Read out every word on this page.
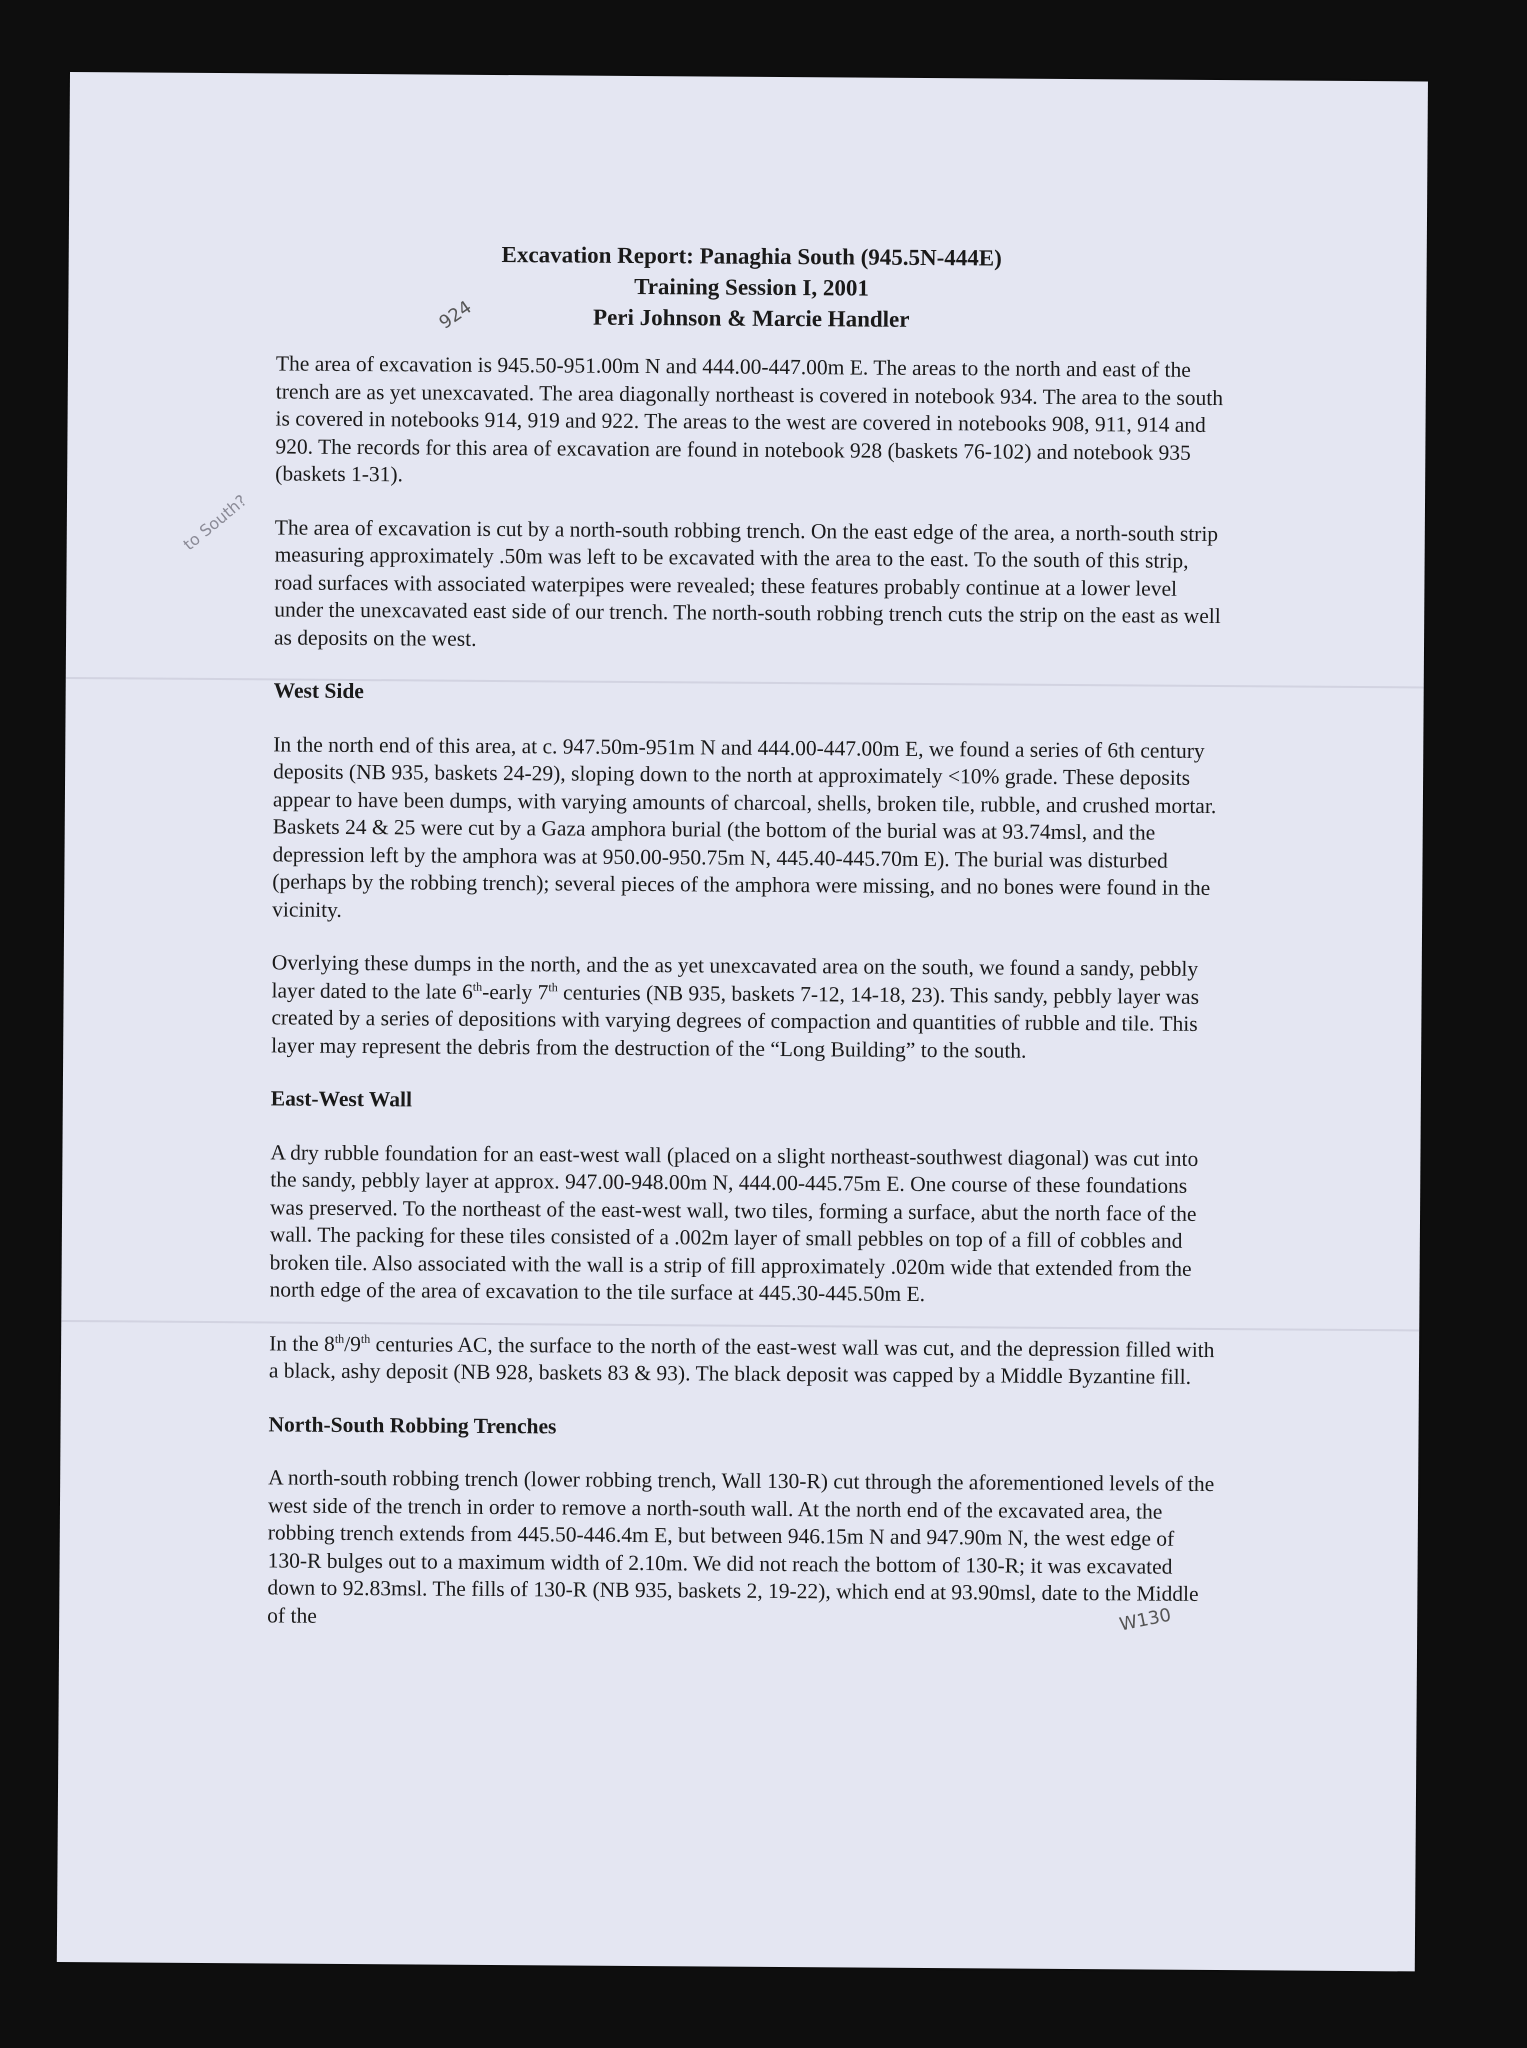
Excavation Report: Panaghia South (945.5N-444E)
Training Session I, 2001
Peri Johnson & Marcie Handler

The area of excavation is 945.50-951.00m N and 444.00-447.00m E. The areas to the north and east of the trench are as yet unexcavated. The area diagonally northeast is covered in notebook 934. The area to the south is covered in notebooks 914, 919 and 922. The areas to the west are covered in notebooks 908, 911, 914 and 920. The records for this area of excavation are found in notebook 928 (baskets 76-102) and notebook 935 (baskets 1-31).

The area of excavation is cut by a north-south robbing trench. On the east edge of the area, a north-south strip measuring approximately .50m was left to be excavated with the area to the east. To the south of this strip, road surfaces with associated waterpipes were revealed; these features probably continue at a lower level under the unexcavated east side of our trench. The north-south robbing trench cuts the strip on the east as well as deposits on the west.

West Side

In the north end of this area, at c. 947.50m-951m N and 444.00-447.00m E, we found a series of 6th century deposits (NB 935, baskets 24-29), sloping down to the north at approximately <10% grade. These deposits appear to have been dumps, with varying amounts of charcoal, shells, broken tile, rubble, and crushed mortar. Baskets 24 & 25 were cut by a Gaza amphora burial (the bottom of the burial was at 93.74msl, and the depression left by the amphora was at 950.00-950.75m N, 445.40-445.70m E). The burial was disturbed (perhaps by the robbing trench); several pieces of the amphora were missing, and no bones were found in the vicinity.

Overlying these dumps in the north, and the as yet unexcavated area on the south, we found a sandy, pebbly layer dated to the late 6th-early 7th centuries (NB 935, baskets 7-12, 14-18, 23). This sandy, pebbly layer was created by a series of depositions with varying degrees of compaction and quantities of rubble and tile. This layer may represent the debris from the destruction of the “Long Building” to the south.

East-West Wall

A dry rubble foundation for an east-west wall (placed on a slight northeast-southwest diagonal) was cut into the sandy, pebbly layer at approx. 947.00-948.00m N, 444.00-445.75m E. One course of these foundations was preserved. To the northeast of the east-west wall, two tiles, forming a surface, abut the north face of the wall. The packing for these tiles consisted of a .002m layer of small pebbles on top of a fill of cobbles and broken tile. Also associated with the wall is a strip of fill approximately .020m wide that extended from the north edge of the area of excavation to the tile surface at 445.30-445.50m E.

In the 8th/9th centuries AC, the surface to the north of the east-west wall was cut, and the depression filled with a black, ashy deposit (NB 928, baskets 83 & 93). The black deposit was capped by a Middle Byzantine fill.

North-South Robbing Trenches

A north-south robbing trench (lower robbing trench, Wall 130-R) cut through the aforementioned levels of the west side of the trench in order to remove a north-south wall. At the north end of the excavated area, the robbing trench extends from 445.50-446.4m E, but between 946.15m N and 947.90m N, the west edge of 130-R bulges out to a maximum width of 2.10m. We did not reach the bottom of 130-R; it was excavated down to 92.83msl. The fills of 130-R (NB 935, baskets 2, 19-22), which end at 93.90msl, date to the Middle of the

924
to South?
W130
